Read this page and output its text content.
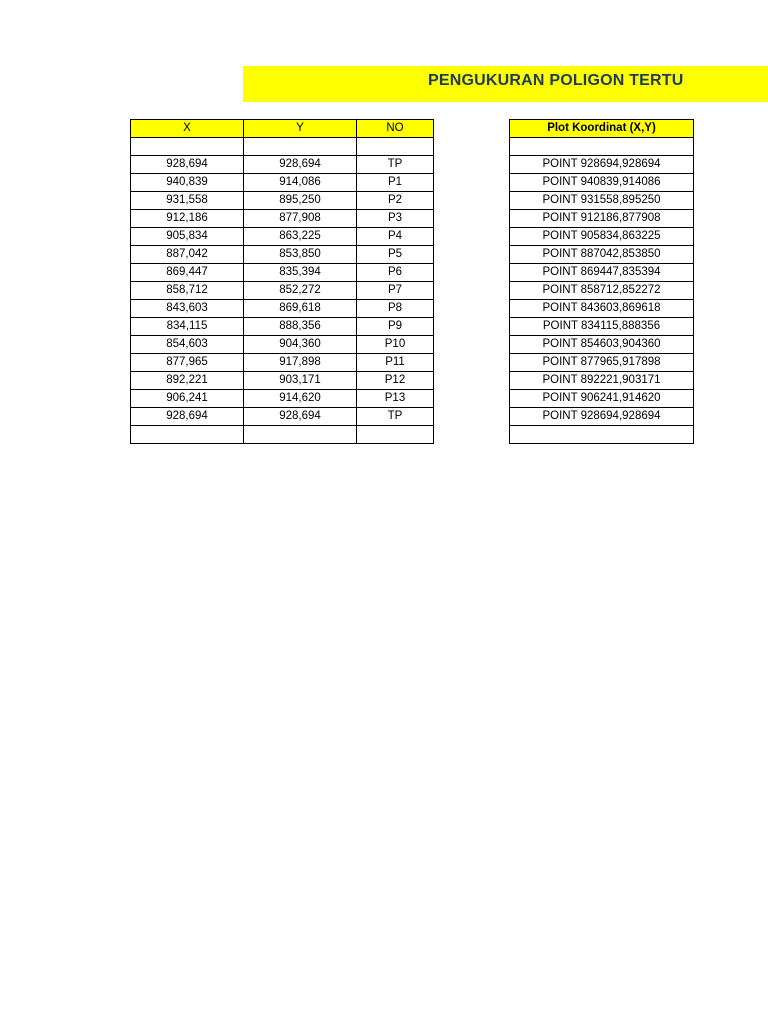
PENGUKURAN POLIGON TERTU
X	Y	NO

928,694	928,694	TP
940,839	914,086	P1
931,558	895,250	P2
912,186	877,908	P3
905,834	863,225	P4
887,042	853,850	P5
869,447	835,394	P6
858,712	852,272	P7
843,603	869,618	P8
834,115	888,356	P9
854,603	904,360	P10
877,965	917,898	P11
892,221	903,171	P12
906,241	914,620	P13
928,694	928,694	TP

Plot Koordinat (X,Y)

POINT 928694,928694
POINT 940839,914086
POINT 931558,895250
POINT 912186,877908
POINT 905834,863225
POINT 887042,853850
POINT 869447,835394
POINT 858712,852272
POINT 843603,869618
POINT 834115,888356
POINT 854603,904360
POINT 877965,917898
POINT 892221,903171
POINT 906241,914620
POINT 928694,928694
